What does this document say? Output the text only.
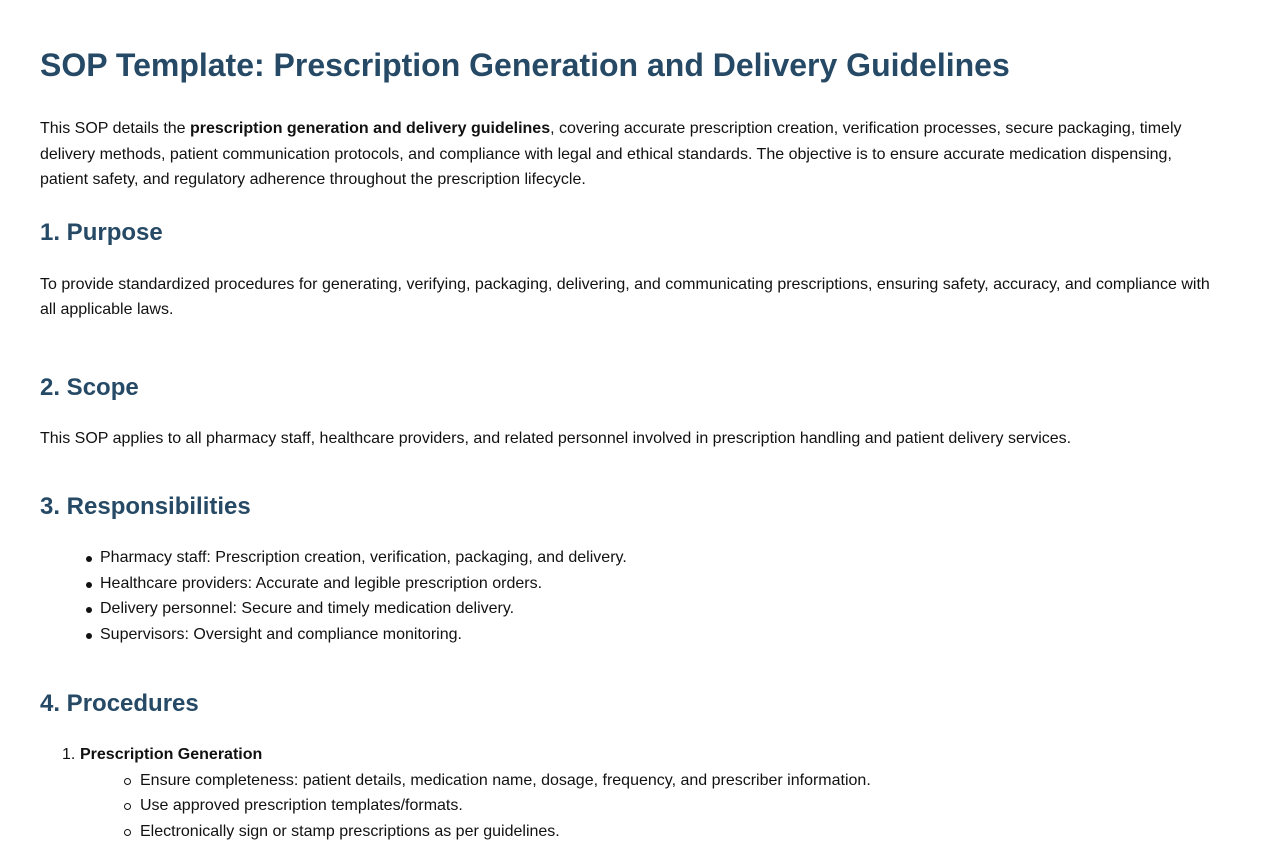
SOP Template: Prescription Generation and Delivery Guidelines

This SOP details the prescription generation and delivery guidelines, covering accurate prescription creation, verification processes, secure packaging, timely delivery methods, patient communication protocols, and compliance with legal and ethical standards. The objective is to ensure accurate medication dispensing, patient safety, and regulatory adherence throughout the prescription lifecycle.

1. Purpose

To provide standardized procedures for generating, verifying, packaging, delivering, and communicating prescriptions, ensuring safety, accuracy, and compliance with all applicable laws.

2. Scope

This SOP applies to all pharmacy staff, healthcare providers, and related personnel involved in prescription handling and patient delivery services.

3. Responsibilities
Pharmacy staff: Prescription creation, verification, packaging, and delivery.
Healthcare providers: Accurate and legible prescription orders.
Delivery personnel: Secure and timely medication delivery.
Supervisors: Oversight and compliance monitoring.
4. Procedures
1. Prescription Generation
Ensure completeness: patient details, medication name, dosage, frequency, and prescriber information.
Use approved prescription templates/formats.
Electronically sign or stamp prescriptions as per guidelines.
